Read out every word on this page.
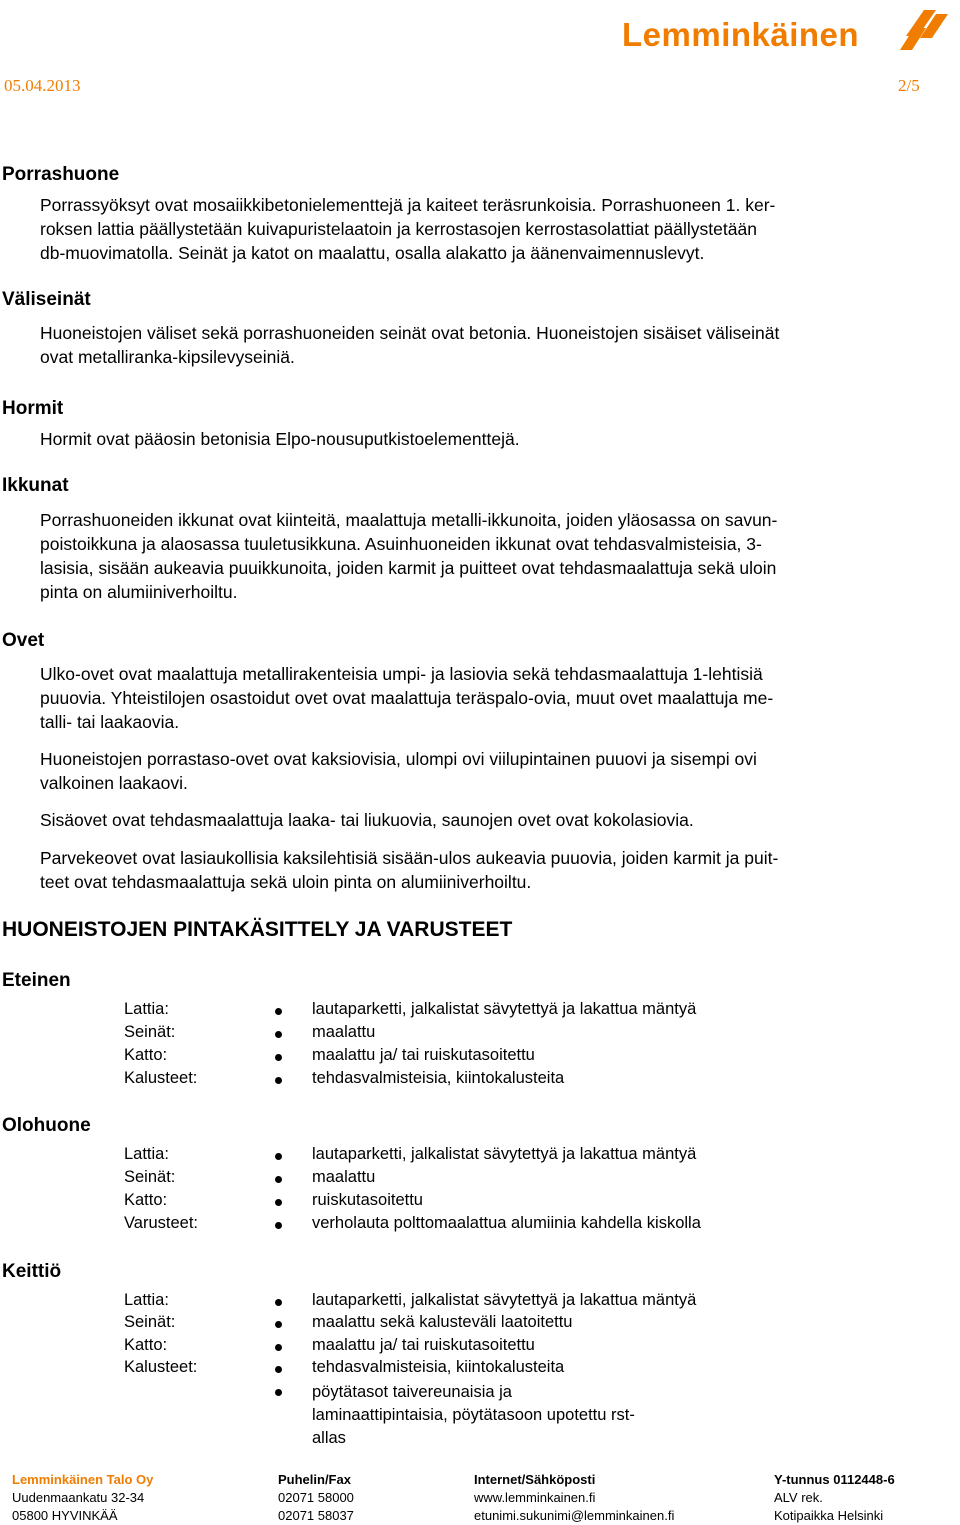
05.04.2013	2/5
Lemminkäinen
Porrashuone
Porrassyöksyt ovat mosaiikkibetonielementtejä ja kaiteet teräsrunkoisia. Porrashuoneen 1. ker-
roksen lattia päällystetään kuivapuristelaatoin ja kerrostasojen kerrostasolattiat päällystetään
db-muovimatolla. Seinät ja katot on maalattu, osalla alakatto ja äänenvaimennuslevyt.
Väliseinät
Huoneistojen väliset sekä porrashuoneiden seinät ovat betonia. Huoneistojen sisäiset väliseinät
ovat metalliranka-kipsilevyseiniä.
Hormit
Hormit ovat pääosin betonisia Elpo-nousuputkistoelementtejä.
Ikkunat
Porrashuoneiden ikkunat ovat kiinteitä, maalattuja metalli-ikkunoita, joiden yläosassa on savun-
poistoikkuna ja alaosassa tuuletusikkuna. Asuinhuoneiden ikkunat ovat tehdasvalmisteisia, 3-
lasisia, sisään aukeavia puuikkunoita, joiden karmit ja puitteet ovat tehdasmaalattuja sekä uloin
pinta on alumiiniverhoiltu.
Ovet
Ulko-ovet ovat maalattuja metallirakenteisia umpi- ja lasiovia sekä tehdasmaalattuja 1-lehtisiä
puuovia. Yhteistilojen osastoidut ovet ovat maalattuja teräspalo-ovia, muut ovet maalattuja me-
talli- tai laakaovia.
Huoneistojen porrastaso-ovet ovat kaksiovisia, ulompi ovi viilupintainen puuovi ja sisempi ovi
valkoinen laakaovi.
Sisäovet ovat tehdasmaalattuja laaka- tai liukuovia, saunojen ovet ovat kokolasiovia.
Parvekeovet ovat lasiaukollisia kaksilehtisiä sisään-ulos aukeavia puuovia, joiden karmit ja puit-
teet ovat tehdasmaalattuja sekä uloin pinta on alumiiniverhoiltu.
HUONEISTOJEN PINTAKÄSITTELY JA VARUSTEET
Eteinen
Lattia:	lautaparketti, jalkalistat sävytettyä ja lakattua mäntyä
Seinät:	maalattu
Katto:	maalattu ja/ tai ruiskutasoitettu
Kalusteet:	tehdasvalmisteisia, kiintokalusteita
Olohuone
Lattia:	lautaparketti, jalkalistat sävytettyä ja lakattua mäntyä
Seinät:	maalattu
Katto:	ruiskutasoitettu
Varusteet:	verholauta polttomaalattua alumiinia kahdella kiskolla
Keittiö
Lattia:	lautaparketti, jalkalistat sävytettyä ja lakattua mäntyä
Seinät:	maalattu sekä kalusteväli laatoitettu
Katto:	maalattu ja/ tai ruiskutasoitettu
Kalusteet:	tehdasvalmisteisia, kiintokalusteita
pöytätasot taivereunaisia ja laminaattipintaisia, pöytätasoon upotettu rst-allas
Lemminkäinen Talo Oy
Uudenmaankatu 32-34
05800 HYVINKÄÄ
Puhelin/Fax
02071 58000
02071 58037
Internet/Sähköposti
www.lemminkainen.fi
etunimi.sukunimi@lemminkainen.fi
Y-tunnus 0112448-6
ALV rek.
Kotipaikka Helsinki
